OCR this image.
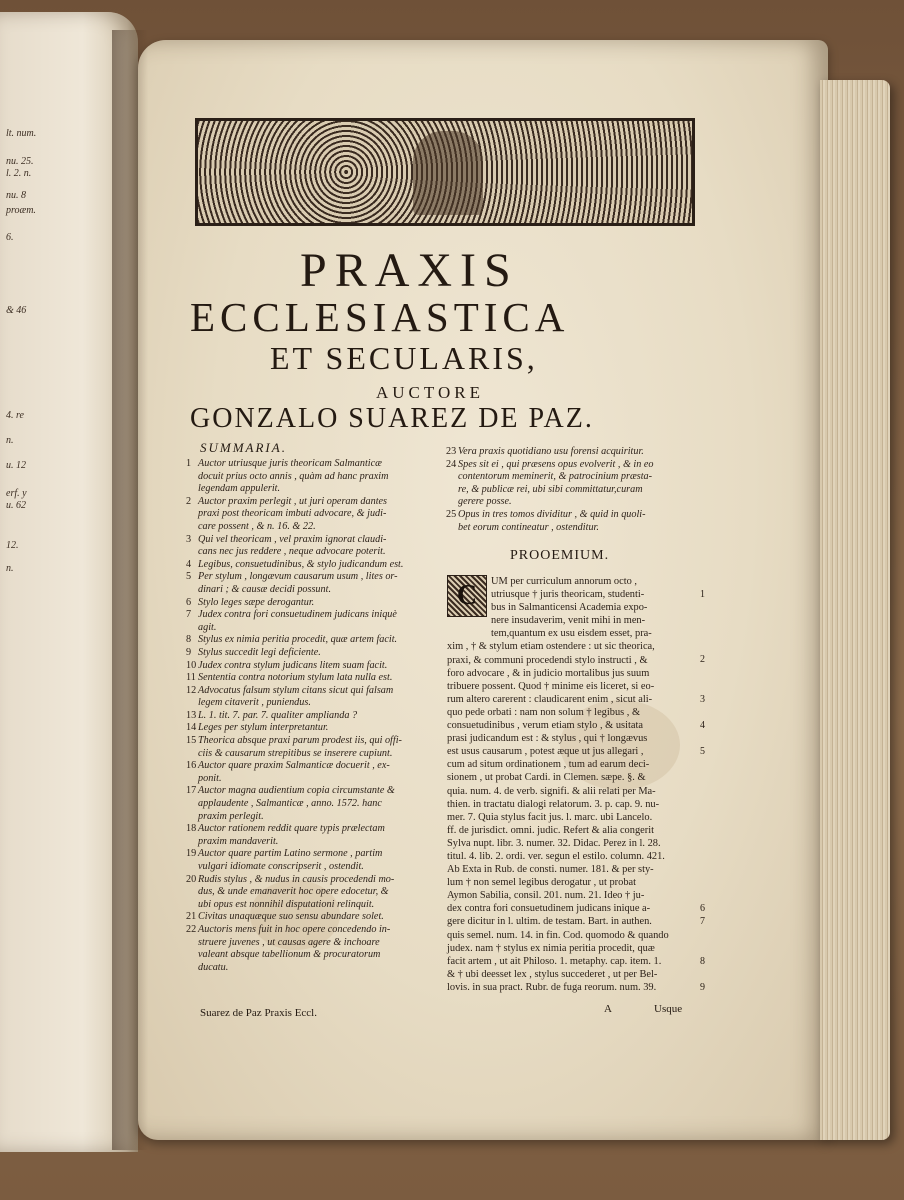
lt. num.
nu. 25.
l. 2. n.
nu. 8
proæm.
6.
& 46
4. re
n.
u. 12
erf. y
u. 62
12.
n.
PRAXIS
ECCLESIASTICA
ET SECULARIS,
AUCTORE
GONZALO SUAREZ DE PAZ.
SUMMARIA.
1 Auctor utriusque juris theoricam Salmanticæ
docuit prius octo annis , quàm ad hanc praxim
legendam appulerit.
2 Auctor praxim perlegit , ut juri operam dantes
praxi post theoricam imbuti advocare, & judi-
care possent , & n. 16. & 22.
3 Qui vel theoricam , vel praxim ignorat claudi-
cans nec jus reddere , neque advocare poterit.
4 Legibus, consuetudinibus, & stylo judicandum est.
5 Per stylum , longævum causarum usum , lites or-
dinari ; & causæ decidi possunt.
6 Stylo leges sæpe derogantur.
7 Judex contra fori consuetudinem judicans iniquè
agit.
8 Stylus ex nimia peritia procedit, quæ artem facit.
9 Stylus succedit legi deficiente.
10 Judex contra stylum judicans litem suam facit.
11 Sententia contra notorium stylum lata nulla est.
12 Advocatus falsum stylum citans sicut qui falsam
legem citaverit , puniendus.
13 L. 1. tit. 7. par. 7. qualiter amplianda ?
14 Leges per stylum interpretantur.
15 Theorica absque praxi parum prodest iis, qui offi-
ciis & causarum strepitibus se inserere cupiunt.
16 Auctor quare praxim Salmanticæ docuerit , ex-
ponit.
17 Auctor magna audientium copia circumstante &
applaudente , Salmanticæ , anno. 1572. hanc
praxim perlegit.
18 Auctor rationem reddit quare typis prælectam
praxim mandaverit.
19 Auctor quare partim Latino sermone , partim
vulgari idiomate conscripserit , ostendit.
20 Rudis stylus , & nudus in causis procedendi mo-
dus, & unde emanaverit hoc opere edocetur, &
ubi opus est nonnihil disputationi relinquit.
21 Civitas unaquæque suo sensu abundare solet.
22 Auctoris mens fuit in hoc opere concedendo in-
struere juvenes , ut causas agere & inchoare
valeant absque tabellionum & procuratorum
ducatu.
23 Vera praxis quotidiano usu forensi acquiritur.
24 Spes sit ei , qui præsens opus evolverit , & in eo
contentorum meminerit, & patrocinium præsta-
re, & publicæ rei, ubi sibi committatur,curam
gerere posse.
25 Opus in tres tomos dividitur , & quid in quoli-
bet eorum contineatur , ostenditur.
PROOEMIUM.
UM per curriculum annorum octo ,
utriusque † juris theoricam, studenti-
bus in Salmanticensi Academia expo-
nere insudaverim, venit mihi in men-
tem,quantum ex usu eisdem esset, pra-
xim , † & stylum etiam ostendere : ut sic theorica,
praxi, & communi procedendi stylo instructi , &
foro advocare , & in judicio mortalibus jus suum
tribuere possent. Quod † minime eis liceret, si eo-
rum altero carerent : claudicarent enim , sicut ali-
quo pede orbati : nam non solum † legibus , &
consuetudinibus , verum etiam stylo , & usitata
prasi judicandum est : & stylus , qui † longævus
est usus causarum , potest æque ut jus allegari ,
cum ad situm ordinationem , tum ad earum deci-
sionem , ut probat Cardi. in Clemen. sæpe. §. &
quia. num. 4. de verb. signifi. & alii relati per Ma-
thien. in tractatu dialogi relatorum. 3. p. cap. 9. nu-
mer. 7. Quia stylus facit jus. l. marc. ubi Lancelo.
ff. de jurisdict. omni. judic. Refert & alia congerit
Sylva nupt. libr. 3. numer. 32. Didac. Perez in l. 28.
titul. 4. lib. 2. ordi. ver. segun el estilo. column. 421.
Ab Exta in Rub. de consti. numer. 181. & per sty-
lum † non semel legibus derogatur , ut probat
Aymon Sabilia, consil. 201. num. 21. Ideo † ju-
dex contra fori consuetudinem judicans inique a-
gere dicitur in l. ultim. de testam. Bart. in authen.
quis semel. num. 14. in fin. Cod. quomodo & quando
judex. nam † stylus ex nimia peritia procedit, quæ
facit artem , ut ait Philoso. 1. metaphy. cap. item. 1.
& † ubi deesset lex , stylus succederet , ut per Bel-
lovis. in sua pract. Rubr. de fuga reorum. num. 39.
C	1
2
3
4
5
6
7
8
9
Suarez de Paz Praxis Eccl.	A	Usque
